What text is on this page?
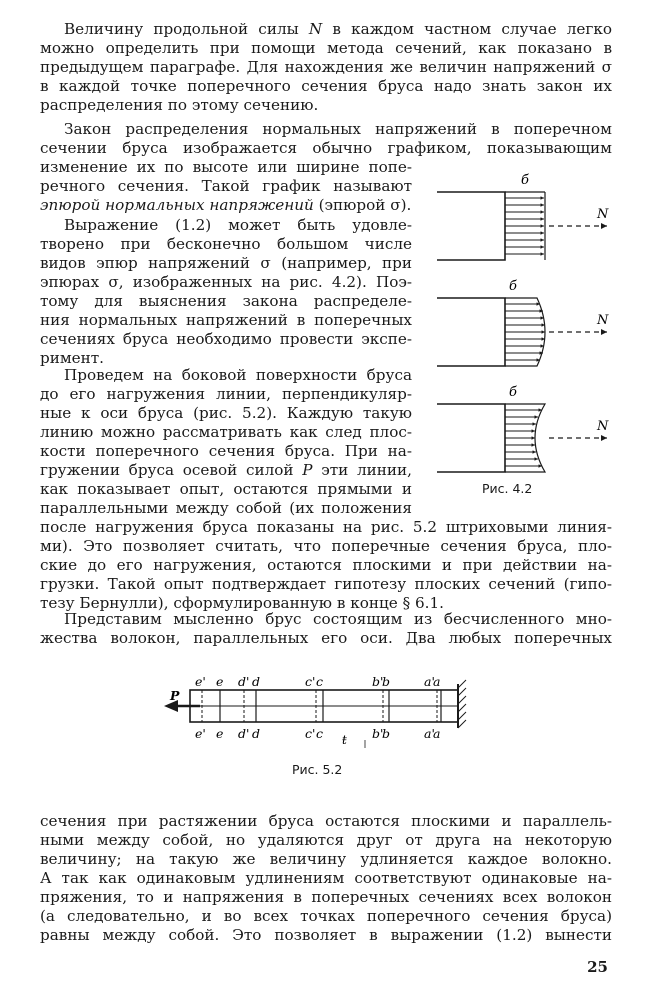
Величину продольной силы N в каждом частном случае легко
можно определить при помощи метода сечений, как показано в
предыдущем параграфе. Для нахождения же величин напряжений σ
в каждой точке поперечного сечения бруса надо знать закон их
распределения по этому сечению.
Закон распределения нормальных напряжений в поперечном
сечении бруса изображается обычно графиком, показывающим
изменение их по высоте или ширине попе-
речного сечения. Такой график называют
эпюрой нормальных напряжений (эпюрой σ).
Выражение (1.2) может быть удовле-
творено при бесконечно большом числе
видов эпюр напряжений σ (например, при
эпюрах σ, изображенных на рис. 4.2). Поэ-
тому для выяснения закона распределе-
ния нормальных напряжений в поперечных
сечениях бруса необходимо провести экспе-
римент.
Проведем на боковой поверхности бруса
до его нагружения линии, перпендикуляр-
ные к оси бруса (рис. 5.2). Каждую такую
линию можно рассматривать как след плос-
кости поперечного сечения бруса. При на-
гружении бруса осевой силой P эти линии,
как показывает опыт, остаются прямыми и
параллельными между собой (их положения
после нагружения бруса показаны на рис. 5.2 штриховыми линия-
ми). Это позволяет считать, что поперечные сечения бруса, пло-
ские до его нагружения, остаются плоскими и при действии на-
грузки. Такой опыт подтверждает гипотезу плоских сечений (гипо-
тезу Бернулли), сформулированную в конце § 6.1.
Представим мысленно брус состоящим из бесчисленного мно-
жества волокон, параллельных его оси. Два любых поперечных
б
N
б
N
б
N
Рис. 4.2
e' e d' d	c' c	b'
b	a'
a
P
e' e d' d	c' c	b'
b	a'
a
ŧ
Рис. 5.2
сечения при растяжении бруса остаются плоскими и параллель-
ными между собой, но удаляются друг от друга на некоторую
величину; на такую же величину удлиняется каждое волокно.
А так как одинаковым удлинениям соответствуют одинаковые на-
пряжения, то и напряжения в поперечных сечениях всех волокон
(а следовательно, и во всех точках поперечного сечения бруса)
равны между собой. Это позволяет в выражении (1.2) вынести
25
